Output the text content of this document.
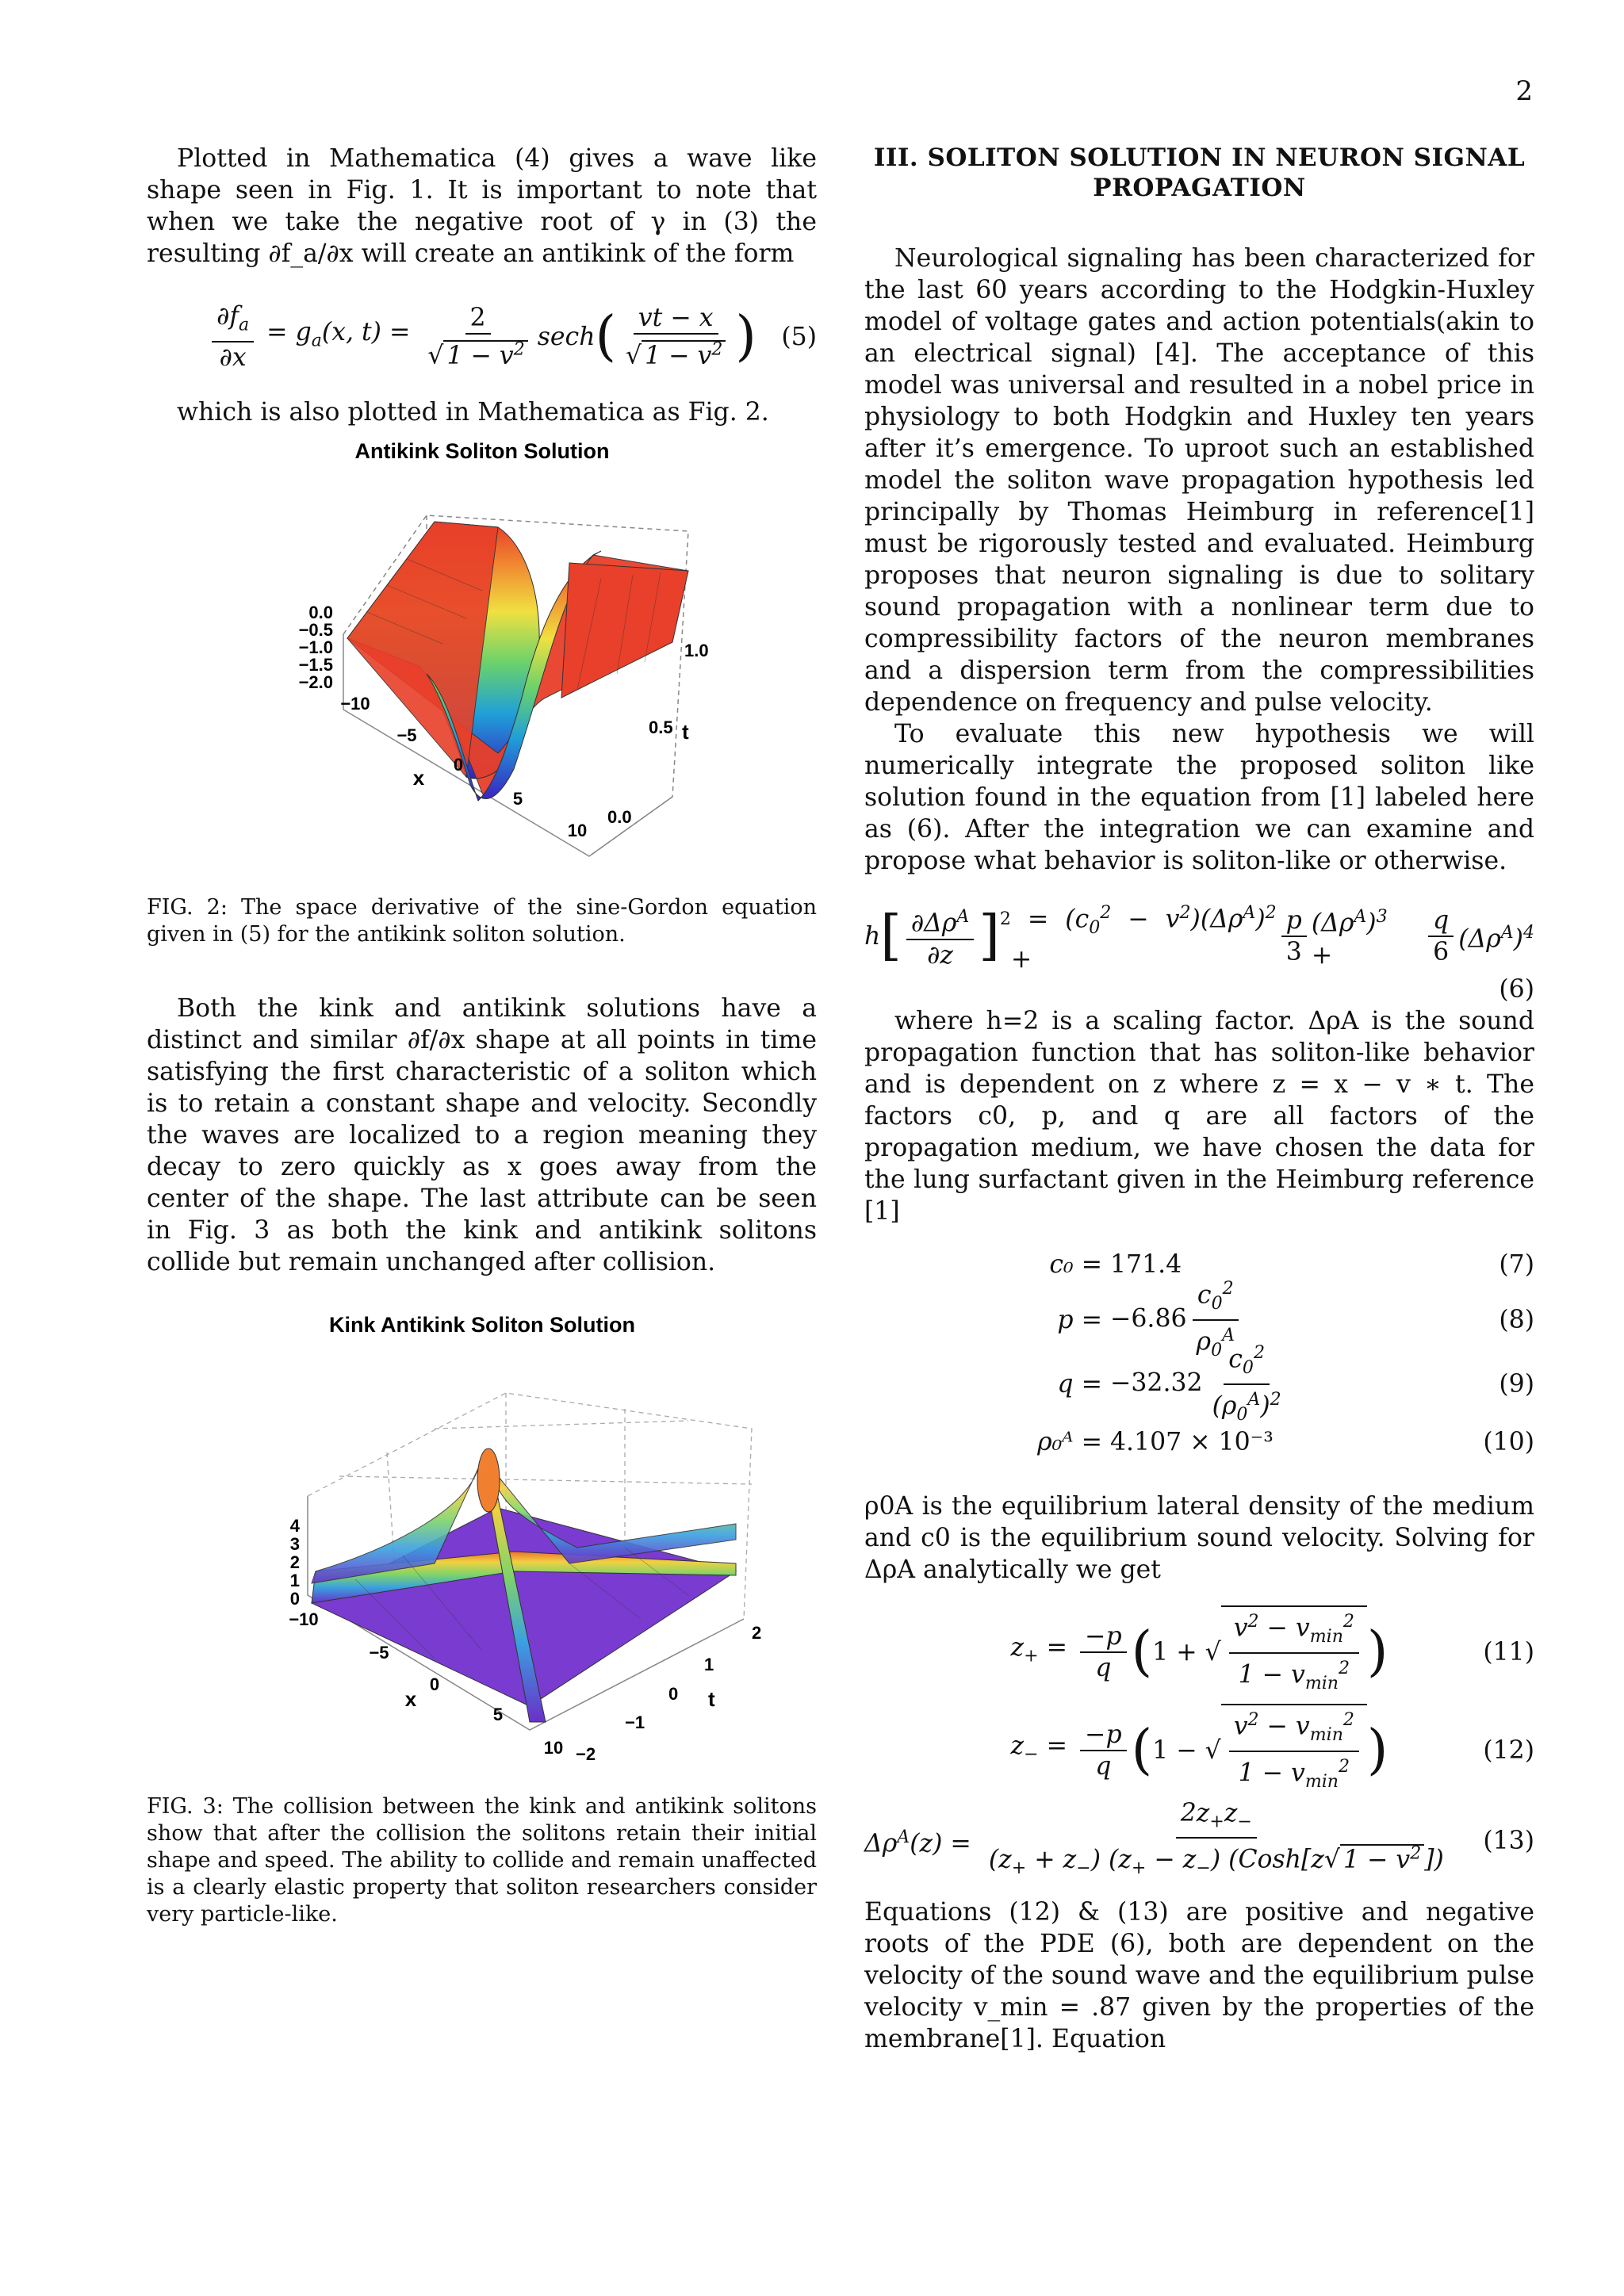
2

Plotted in Mathematica (4) gives a wave like shape seen in Fig. 1. It is important to note that when we take the negative root of γ in (3) the resulting ∂f_a/∂x will create an antikink of the form

$\frac{\partial f_a}{\partial x} = g_a(x$, $t) = \frac{2}{√ 1 - v^2}$ sech ( $\frac{vt - x}{√ 1 - v^2}$ ) (5)

which is also plotted in Mathematica as Fig. 2.

Antikink Soliton Solution
0.0
−0.5
−1.0
−1.5
−2.0
−10
−5
0
5
10
x
0.0
0.5
1.0
t

FIG. 2: The space derivative of the sine-Gordon equation given in (5) for the antikink soliton solution.

Both the kink and antikink solutions have a distinct and similar ∂f/∂x shape at all points in time satisfying the first characteristic of a soliton which is to retain a constant shape and velocity. Secondly the waves are localized to a region meaning they decay to zero quickly as x goes away from the center of the shape. The last attribute can be seen in Fig. 3 as both the kink and antikink solitons collide but remain unchanged after collision.

Kink Antikink Soliton Solution
4
3
2
1
0
−10
−5
0
5
10
x
2
1
0
−1
−2
t

FIG. 3: The collision between the kink and antikink solitons show that after the collision the solitons retain their initial shape and speed. The ability to collide and remain unaffected is a clearly elastic property that soliton researchers consider very particle-like.

III. SOLITON SOLUTION IN NEURON SIGNAL PROPAGATION

Neurological signaling has been characterized for the last 60 years according to the Hodgkin-Huxley model of voltage gates and action potentials(akin to an electrical signal) [4]. The acceptance of this model was universal and resulted in a nobel price in physiology to both Hodgkin and Huxley ten years after it’s emergence. To uproot such an established model the soliton wave propagation hypothesis led principally by Thomas Heimburg in reference[1] must be rigorously tested and evaluated. Heimburg proposes that neuron signaling is due to solitary sound propagation with a nonlinear term due to compressibility factors of the neuron membranes and a dispersion term from the compressibilities dependence on frequency and pulse velocity.

To evaluate this new hypothesis we will numerically integrate the proposed soliton like solution found in the equation from [1] labeled here as (6). After the integration we can examine and propose what behavior is soliton-like or otherwise.

h [ $\frac{\partial\Delta\rho^A}{\partial z} ]^2 = (c_0^2 - v^2)(\Delta\rho^A)^2$ +	$\frac{p}{3} (\Delta\rho^A)^3$ +	$\frac{q}{6} (\Delta\rho^A)^4$
(6)

where h=2 is a scaling factor. ΔρA is the sound propagation function that has soliton-like behavior and is dependent on z where z = x − v ∗ t. The factors c0, p, and q are all factors of the propagation medium, we have chosen the data for the lung surfactant given in the Heimburg reference [1]

c₀ = 171.4	(7)
$p = -6.86 \frac{c_0^2}{\rho_0^A}$	(8)
$q = -32.32 \frac{c_0^2}{(\rho_0^A)^2}$	(9)
ρ₀ᴬ = 4.107 × 10⁻³	(10)

ρ0A is the equilibrium lateral density of the medium and c0 is the equilibrium sound velocity. Solving for ΔρA analytically we get

$z_+ = \frac{-p}{q}$ ( 1 + √ $\frac{v^2 - v_{min}^2}{1 - v_{min}^2}$ )	(11)
$z_- = \frac{-p}{q}$ ( 1 − √ $\frac{v^2 - v_{min}^2}{1 - v_{min}^2}$ )	(12)
$\Delta\rho^A(z) = \frac{2z_+z_-}{(z_+ + z_-) (z_+ - z_-) (Cosh[z√ 1 - v^2 ])} (13)$

Equations (12) & (13) are positive and negative roots of the PDE (6), both are dependent on the velocity of the sound wave and the equilibrium pulse velocity v_min = .87 given by the properties of the membrane[1]. Equation
